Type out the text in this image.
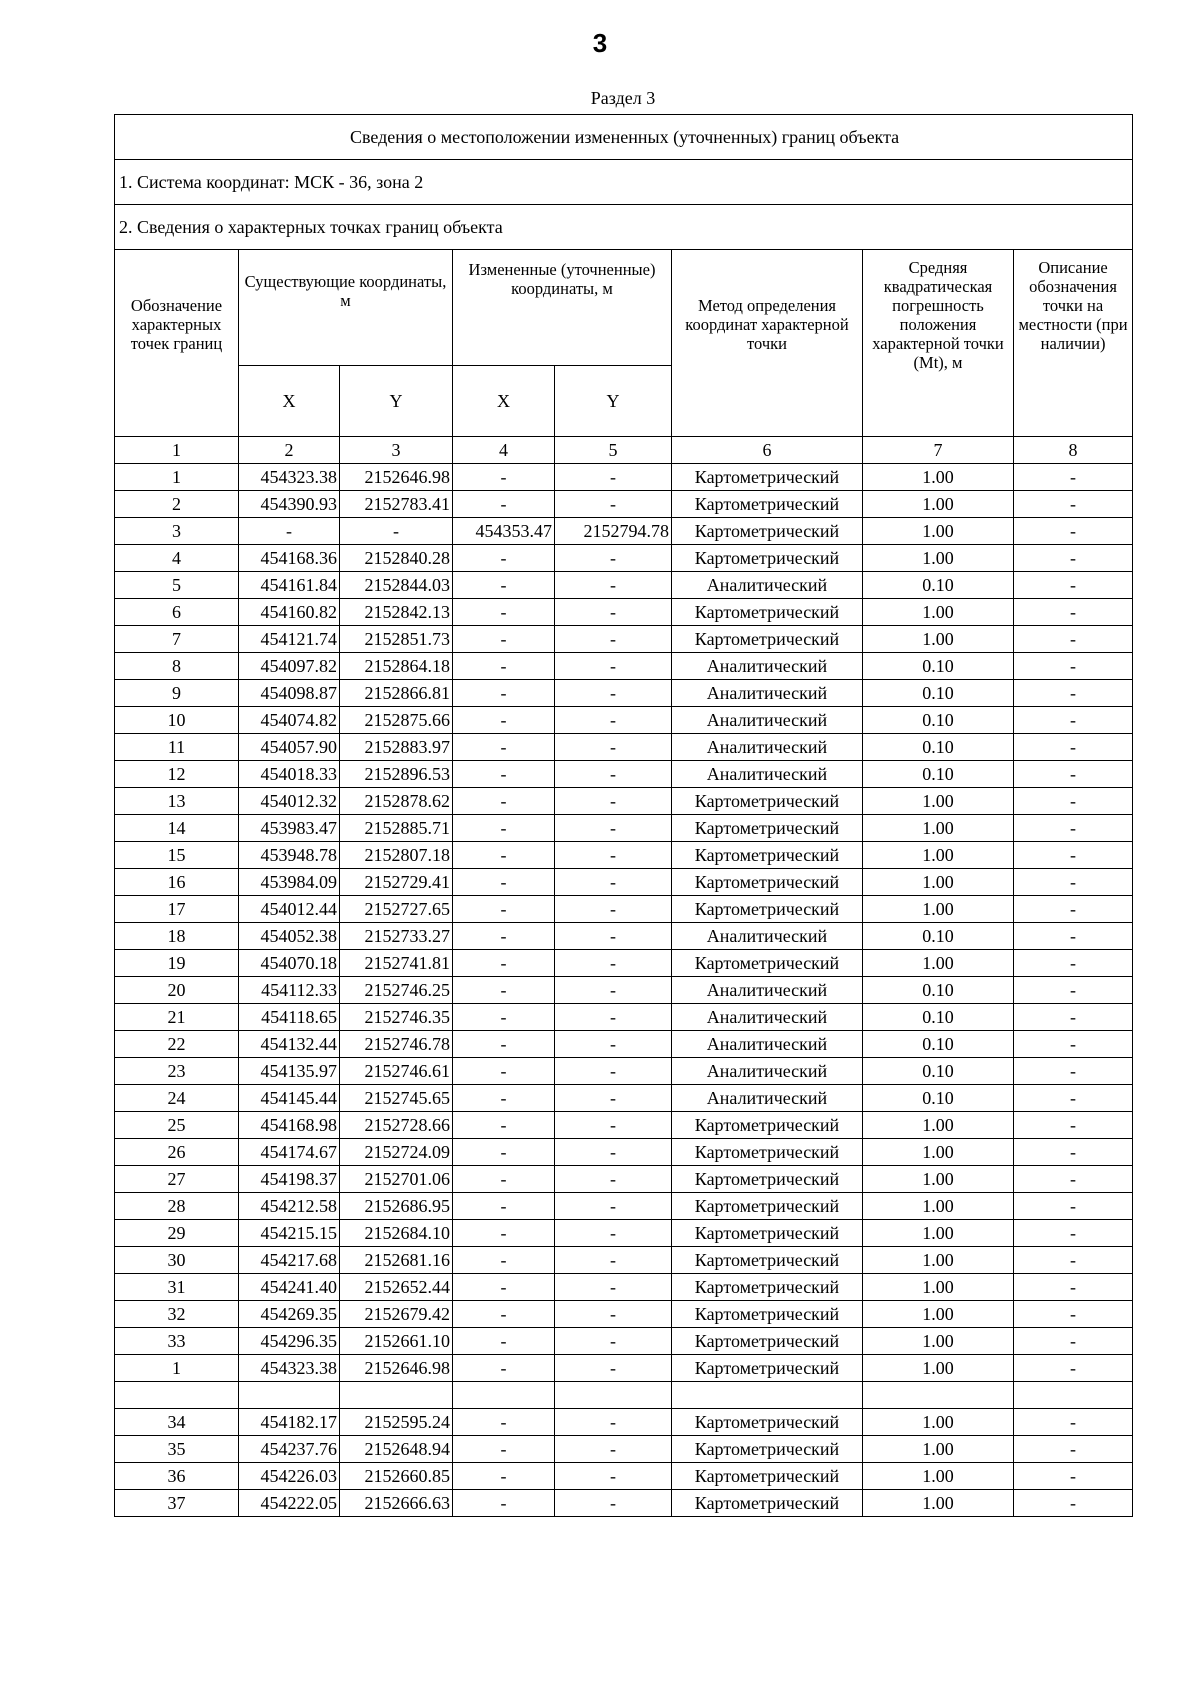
3
Раздел 3
Сведения о местоположении измененных (уточненных) границ объекта							
1. Система координат: МСК - 36, зона 2							
2. Сведения о характерных точках границ объекта							
Обозначение характерных точек границ	Существующие координаты, м		Измененные (уточненные) координаты, м		Метод определения координат характерной точки	Средняя квадратическая погрешность положения характерной точки (Mt), м	Описание обозначения точки на местности (при наличии)
	X	Y	X	Y			
1	2	3	4	5	6	7	8
1	454323.38	2152646.98	-	-	Картометрический	1.00	-
2	454390.93	2152783.41	-	-	Картометрический	1.00	-
3	-	-	454353.47	2152794.78	Картометрический	1.00	-
4	454168.36	2152840.28	-	-	Картометрический	1.00	-
5	454161.84	2152844.03	-	-	Аналитический	0.10	-
6	454160.82	2152842.13	-	-	Картометрический	1.00	-
7	454121.74	2152851.73	-	-	Картометрический	1.00	-
8	454097.82	2152864.18	-	-	Аналитический	0.10	-
9	454098.87	2152866.81	-	-	Аналитический	0.10	-
10	454074.82	2152875.66	-	-	Аналитический	0.10	-
11	454057.90	2152883.97	-	-	Аналитический	0.10	-
12	454018.33	2152896.53	-	-	Аналитический	0.10	-
13	454012.32	2152878.62	-	-	Картометрический	1.00	-
14	453983.47	2152885.71	-	-	Картометрический	1.00	-
15	453948.78	2152807.18	-	-	Картометрический	1.00	-
16	453984.09	2152729.41	-	-	Картометрический	1.00	-
17	454012.44	2152727.65	-	-	Картометрический	1.00	-
18	454052.38	2152733.27	-	-	Аналитический	0.10	-
19	454070.18	2152741.81	-	-	Картометрический	1.00	-
20	454112.33	2152746.25	-	-	Аналитический	0.10	-
21	454118.65	2152746.35	-	-	Аналитический	0.10	-
22	454132.44	2152746.78	-	-	Аналитический	0.10	-
23	454135.97	2152746.61	-	-	Аналитический	0.10	-
24	454145.44	2152745.65	-	-	Аналитический	0.10	-
25	454168.98	2152728.66	-	-	Картометрический	1.00	-
26	454174.67	2152724.09	-	-	Картометрический	1.00	-
27	454198.37	2152701.06	-	-	Картометрический	1.00	-
28	454212.58	2152686.95	-	-	Картометрический	1.00	-
29	454215.15	2152684.10	-	-	Картометрический	1.00	-
30	454217.68	2152681.16	-	-	Картометрический	1.00	-
31	454241.40	2152652.44	-	-	Картометрический	1.00	-
32	454269.35	2152679.42	-	-	Картометрический	1.00	-
33	454296.35	2152661.10	-	-	Картометрический	1.00	-
1	454323.38	2152646.98	-	-	Картометрический	1.00	-

34	454182.17	2152595.24	-	-	Картометрический	1.00	-
35	454237.76	2152648.94	-	-	Картометрический	1.00	-
36	454226.03	2152660.85	-	-	Картометрический	1.00	-
37	454222.05	2152666.63	-	-	Картометрический	1.00	-
